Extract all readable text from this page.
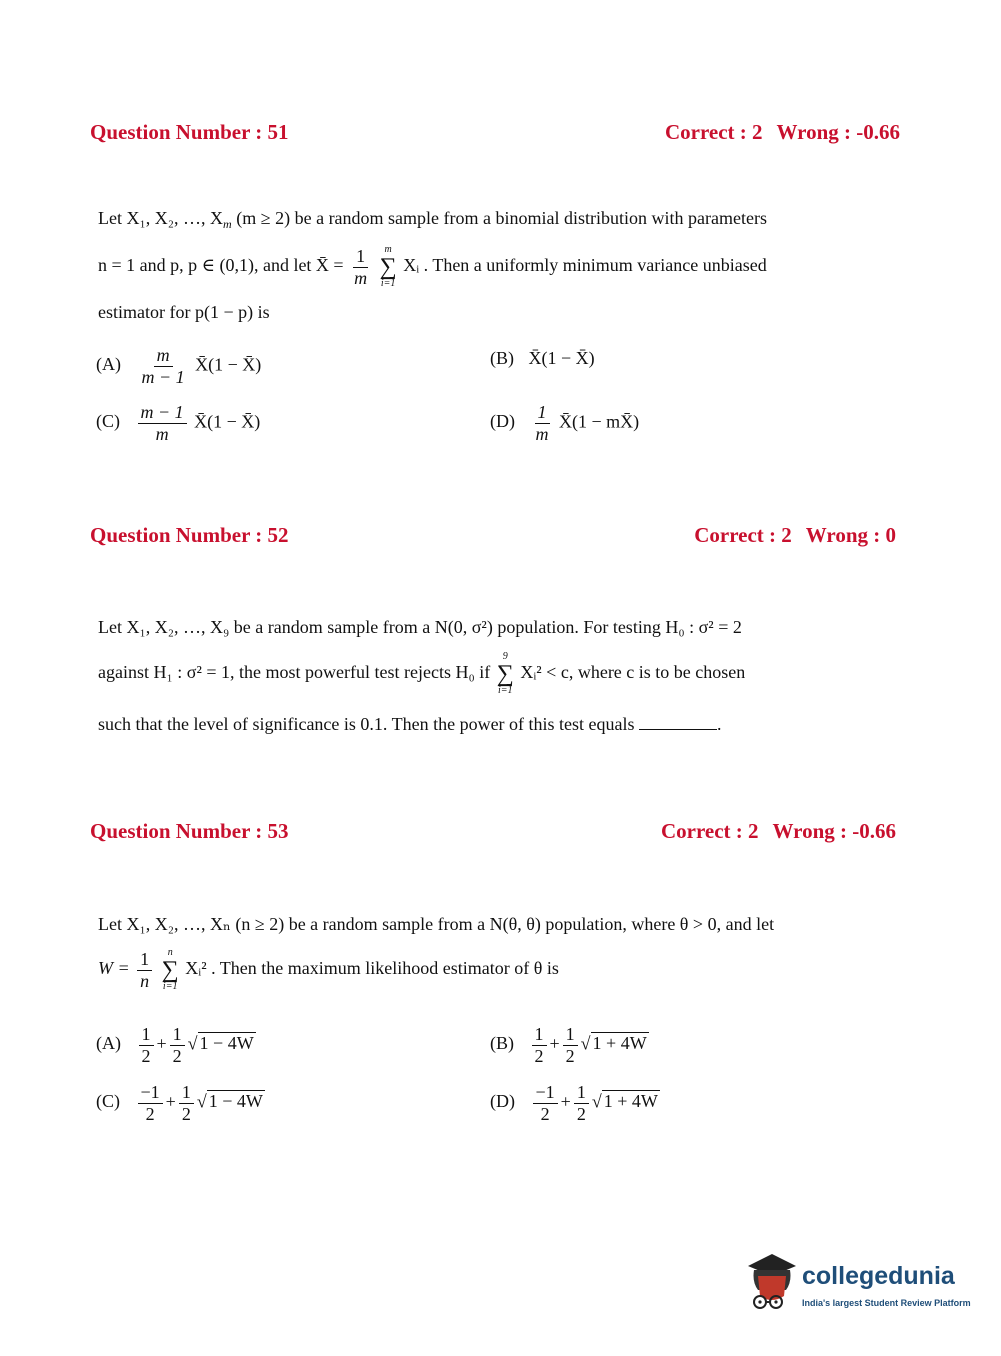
Question Number : 51	Correct : 2 Wrong : -0.66
Let X₁, X₂, …, $X_m$ (m ≥ 2) be a random sample from a binomial distribution with parameters
n = 1 and p, p ∈ (0,1), and let X̄ = $\frac{1}{m}$
m
∑
i=1
Xᵢ . Then a uniformly minimum variance unbiased
estimator for p(1 − p) is
$(A) \frac{m}{m - 1}$ X̄(1 − X̄)	(B) X̄(1 − X̄)
$(C) \frac{m - 1}{m}$ X̄(1 − X̄)	$(D) \frac{1}{m}$ X̄(1 − mX̄)
Question Number : 52	Correct : 2 Wrong : 0
Let X₁, X₂, …, X₉ be a random sample from a N(0, σ²) population. For testing H₀ : σ² = 2
against H₁ : σ² = 1, the most powerful test rejects H₀ if
9
∑
i=1
Xᵢ² < c, where c is to be chosen
such that the level of significance is 0.1. Then the power of this test equals	.
Question Number : 53	Correct : 2 Wrong : -0.66
Let X₁, X₂, …, Xₙ (n ≥ 2) be a random sample from a N(θ, θ) population, where θ > 0, and let
$W = \frac{1}{n}$
n
∑
i=1
Xᵢ² . Then the maximum likelihood estimator of θ is
$(A) \frac{1}{2} + \frac{1}{2}$ √ 1 − 4W	$(B) \frac{1}{2} + \frac{1}{2}$ √ 1 + 4W
$(C) \frac{-1}{2} + \frac{1}{2}$ √ 1 − 4W	$(D) \frac{-1}{2} + \frac{1}{2}$ √ 1 + 4W
collegedunia
India's largest Student Review Platform
